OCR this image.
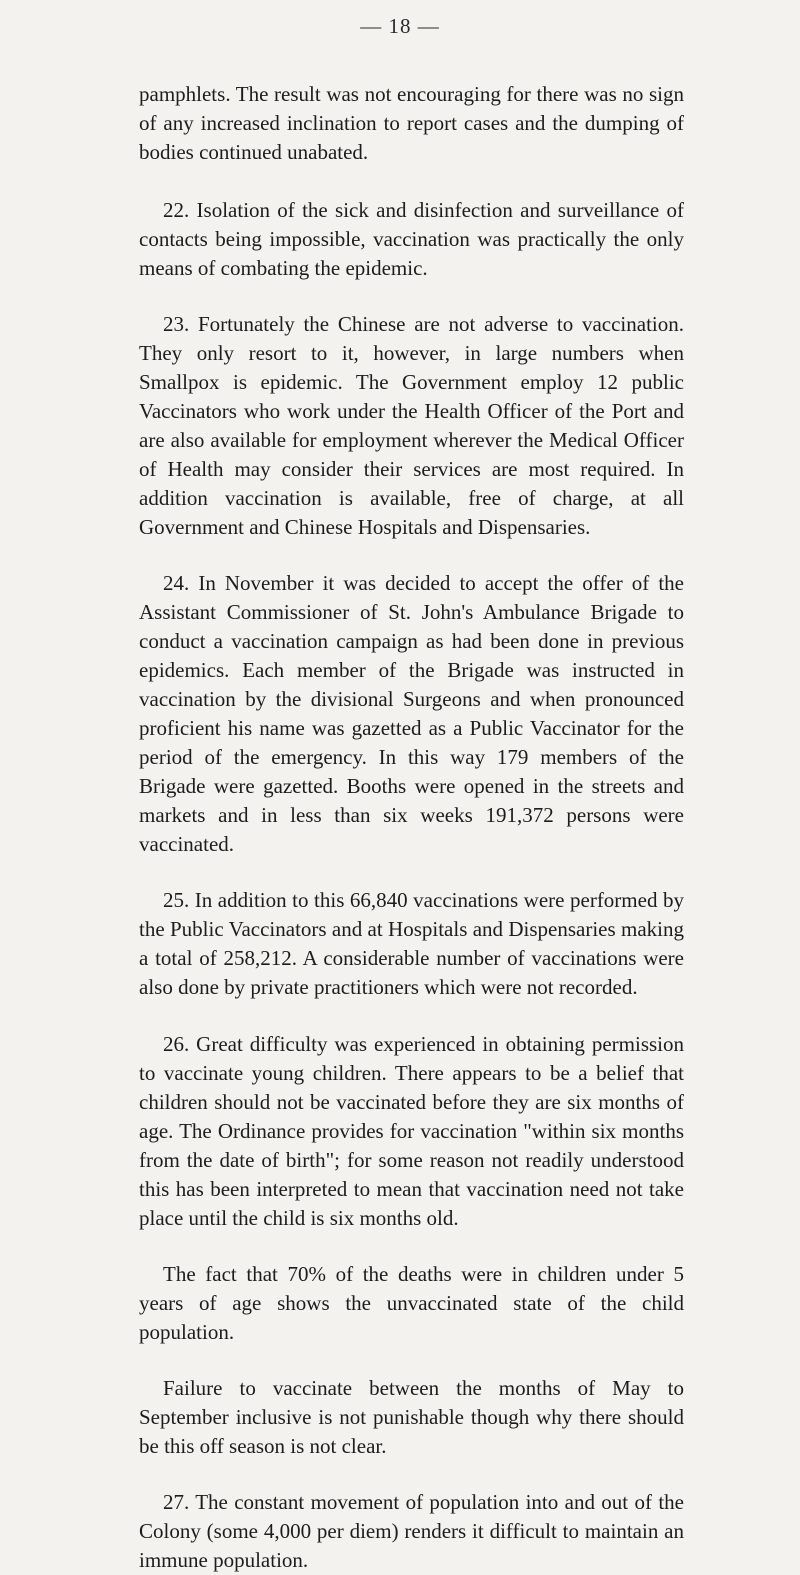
— 18 —

pamphlets. The result was not encouraging for there was no sign of any increased inclination to report cases and the dumping of bodies continued unabated.

22. Isolation of the sick and disinfection and surveillance of contacts being impossible, vaccination was practically the only means of combating the epidemic.

23. Fortunately the Chinese are not adverse to vaccination. They only resort to it, however, in large numbers when Smallpox is epidemic. The Government employ 12 public Vaccinators who work under the Health Officer of the Port and are also available for employment wherever the Medical Officer of Health may consider their services are most required. In addition vaccination is available, free of charge, at all Government and Chinese Hospitals and Dispensaries.

24. In November it was decided to accept the offer of the Assistant Commissioner of St. John's Ambulance Brigade to conduct a vaccination campaign as had been done in previous epidemics. Each member of the Brigade was instructed in vaccination by the divisional Surgeons and when pronounced proficient his name was gazetted as a Public Vaccinator for the period of the emergency. In this way 179 members of the Brigade were gazetted. Booths were opened in the streets and markets and in less than six weeks 191,372 persons were vaccinated.

25. In addition to this 66,840 vaccinations were performed by the Public Vaccinators and at Hospitals and Dispensaries making a total of 258,212. A considerable number of vaccinations were also done by private practitioners which were not recorded.

26. Great difficulty was experienced in obtaining permission to vaccinate young children. There appears to be a belief that children should not be vaccinated before they are six months of age. The Ordinance provides for vaccination "within six months from the date of birth"; for some reason not readily understood this has been interpreted to mean that vaccination need not take place until the child is six months old.

The fact that 70% of the deaths were in children under 5 years of age shows the unvaccinated state of the child population.

Failure to vaccinate between the months of May to September inclusive is not punishable though why there should be this off season is not clear.

27. The constant movement of population into and out of the Colony (some 4,000 per diem) renders it difficult to maintain an immune population.
